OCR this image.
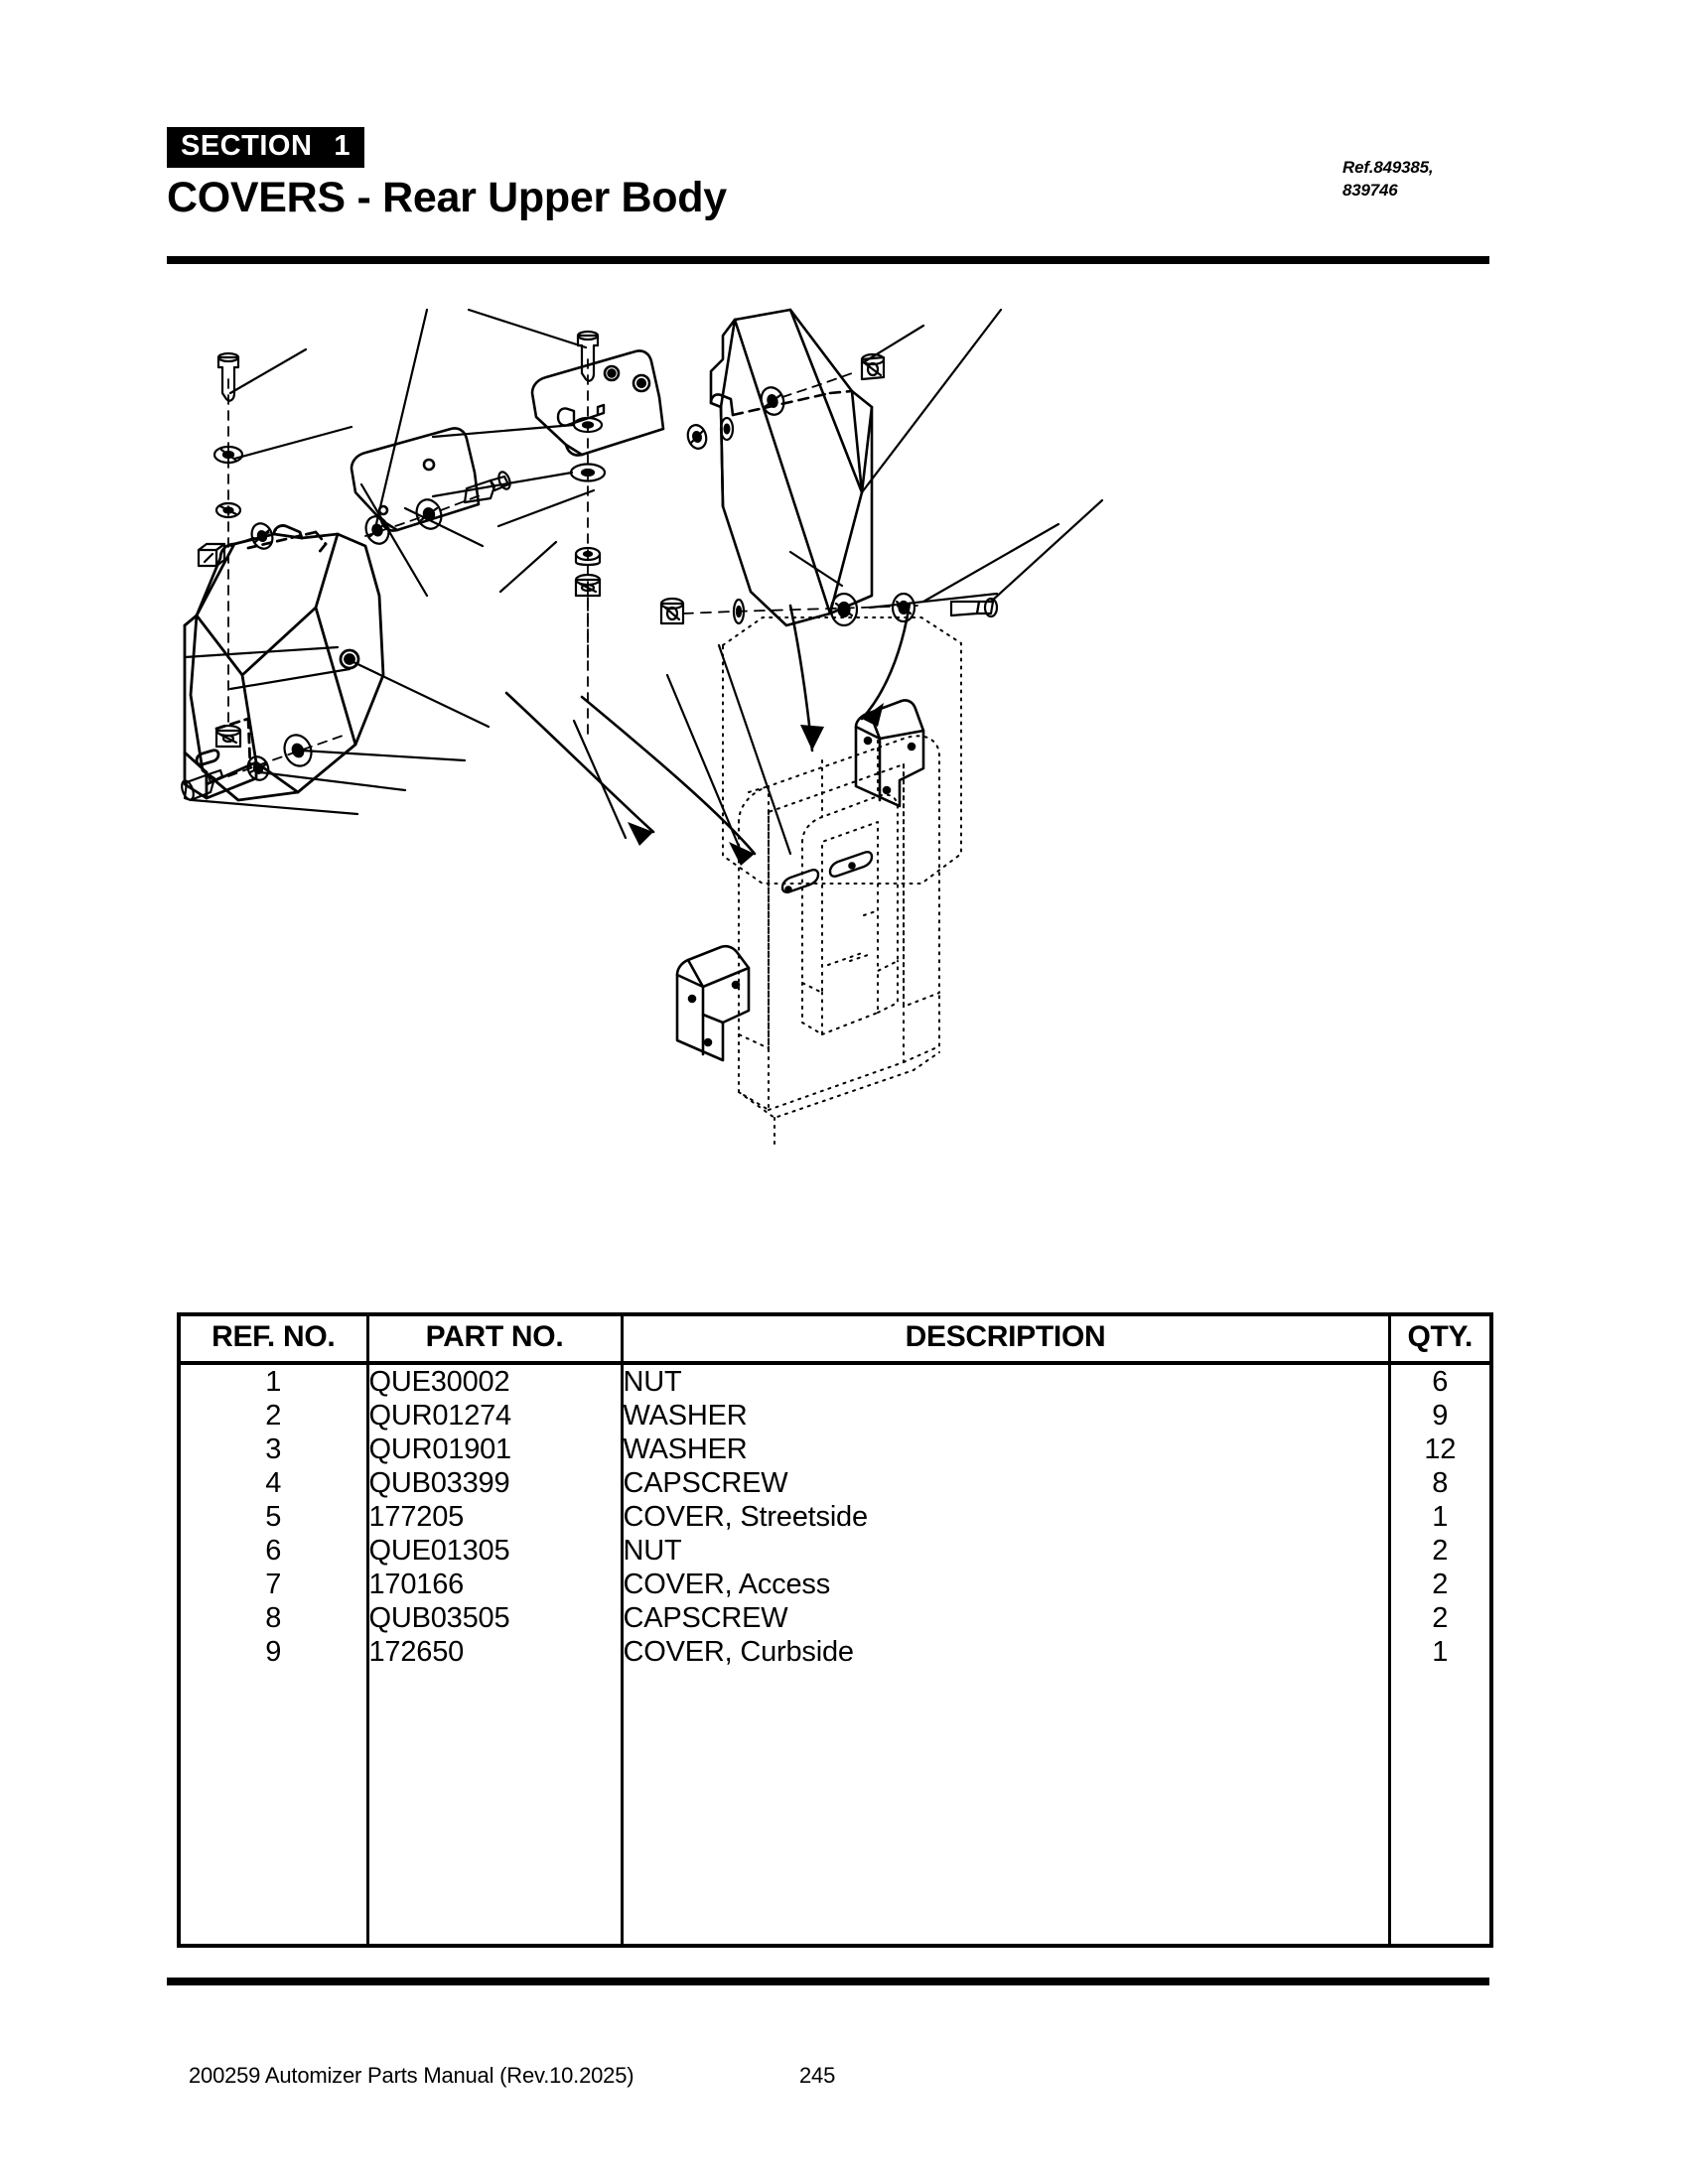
SECTION 1
COVERS - Rear Upper Body
Ref.849385,
839746
REF. NO.	PART NO.	DESCRIPTION	QTY.
1	QUE30002	NUT	6
2	QUR01274	WASHER	9
3	QUR01901	WASHER	12
4	QUB03399	CAPSCREW	8
5	177205	COVER, Streetside	1
6	QUE01305	NUT	2
7	170166	COVER, Access	2
8	QUB03505	CAPSCREW	2
9	172650	COVER, Curbside	1

200259 Automizer Parts Manual (Rev.10.2025)	245
